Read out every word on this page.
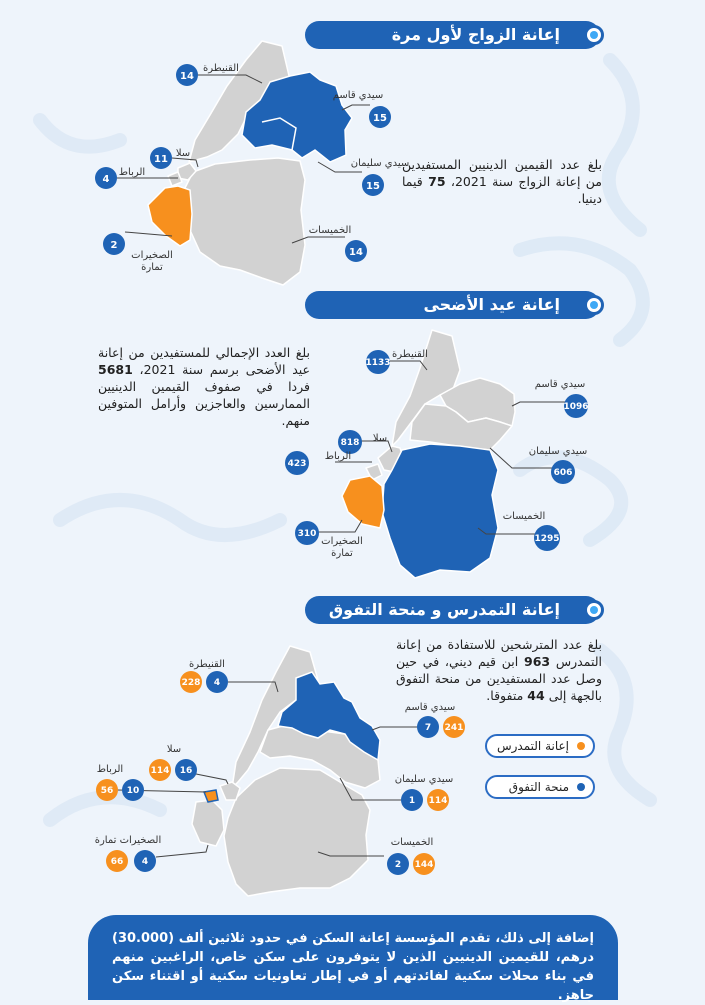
إعانة الزواج لأول مرة
14
15
15
11
4
14
2
القنيطرة
سيدي قاسم
سيدي سليمان
سلا
الرباط
الخميسات
الصخيرات
تمارة
بلغ عدد القيمين الدينيين المستفيدين من إعانة الزواج سنة 2021، 75 قيما دينيا.
إعانة عيد الأضحى
1133
1096
606
818
423
1295
310
القنيطرة
سيدي قاسم
سيدي سليمان
سلا
الرباط
الخميسات
الصخيرات
تمارة
بلغ العدد الإجمالي للمستفيدين من إعانة عيد الأضحى برسم سنة 2021، 5681 فردا في صفوف القيمين الدينيين الممارسين والعاجزين وأرامل المتوفين منهم.
إعانة التمدرس و منحة التفوق
228 4
7 241
1 114
114 16
56 10
2 144
66 4
القنيطرة
سيدي قاسم
سيدي سليمان
سلا
الرباط
الخميسات
الصخيرات تمارة
بلغ عدد المترشحين للاستفادة من إعانة التمدرس 963 ابن قيم ديني، في حين وصل عدد المستفيدين من منحة التفوق بالجهة إلى 44 متفوقا.
إعانة التمدرس
منحة التفوق
إضافة إلى ذلك، تقدم المؤسسة إعانة السكن في حدود ثلاثين ألف (30.000) درهم، للقيمين الدينيين الذين لا يتوفرون على سكن خاص، الراغبين منهم في بناء محلات سكنية لفائدتهم أو في إطار تعاونيات سكنية أو اقتناء سكن جاهز.
